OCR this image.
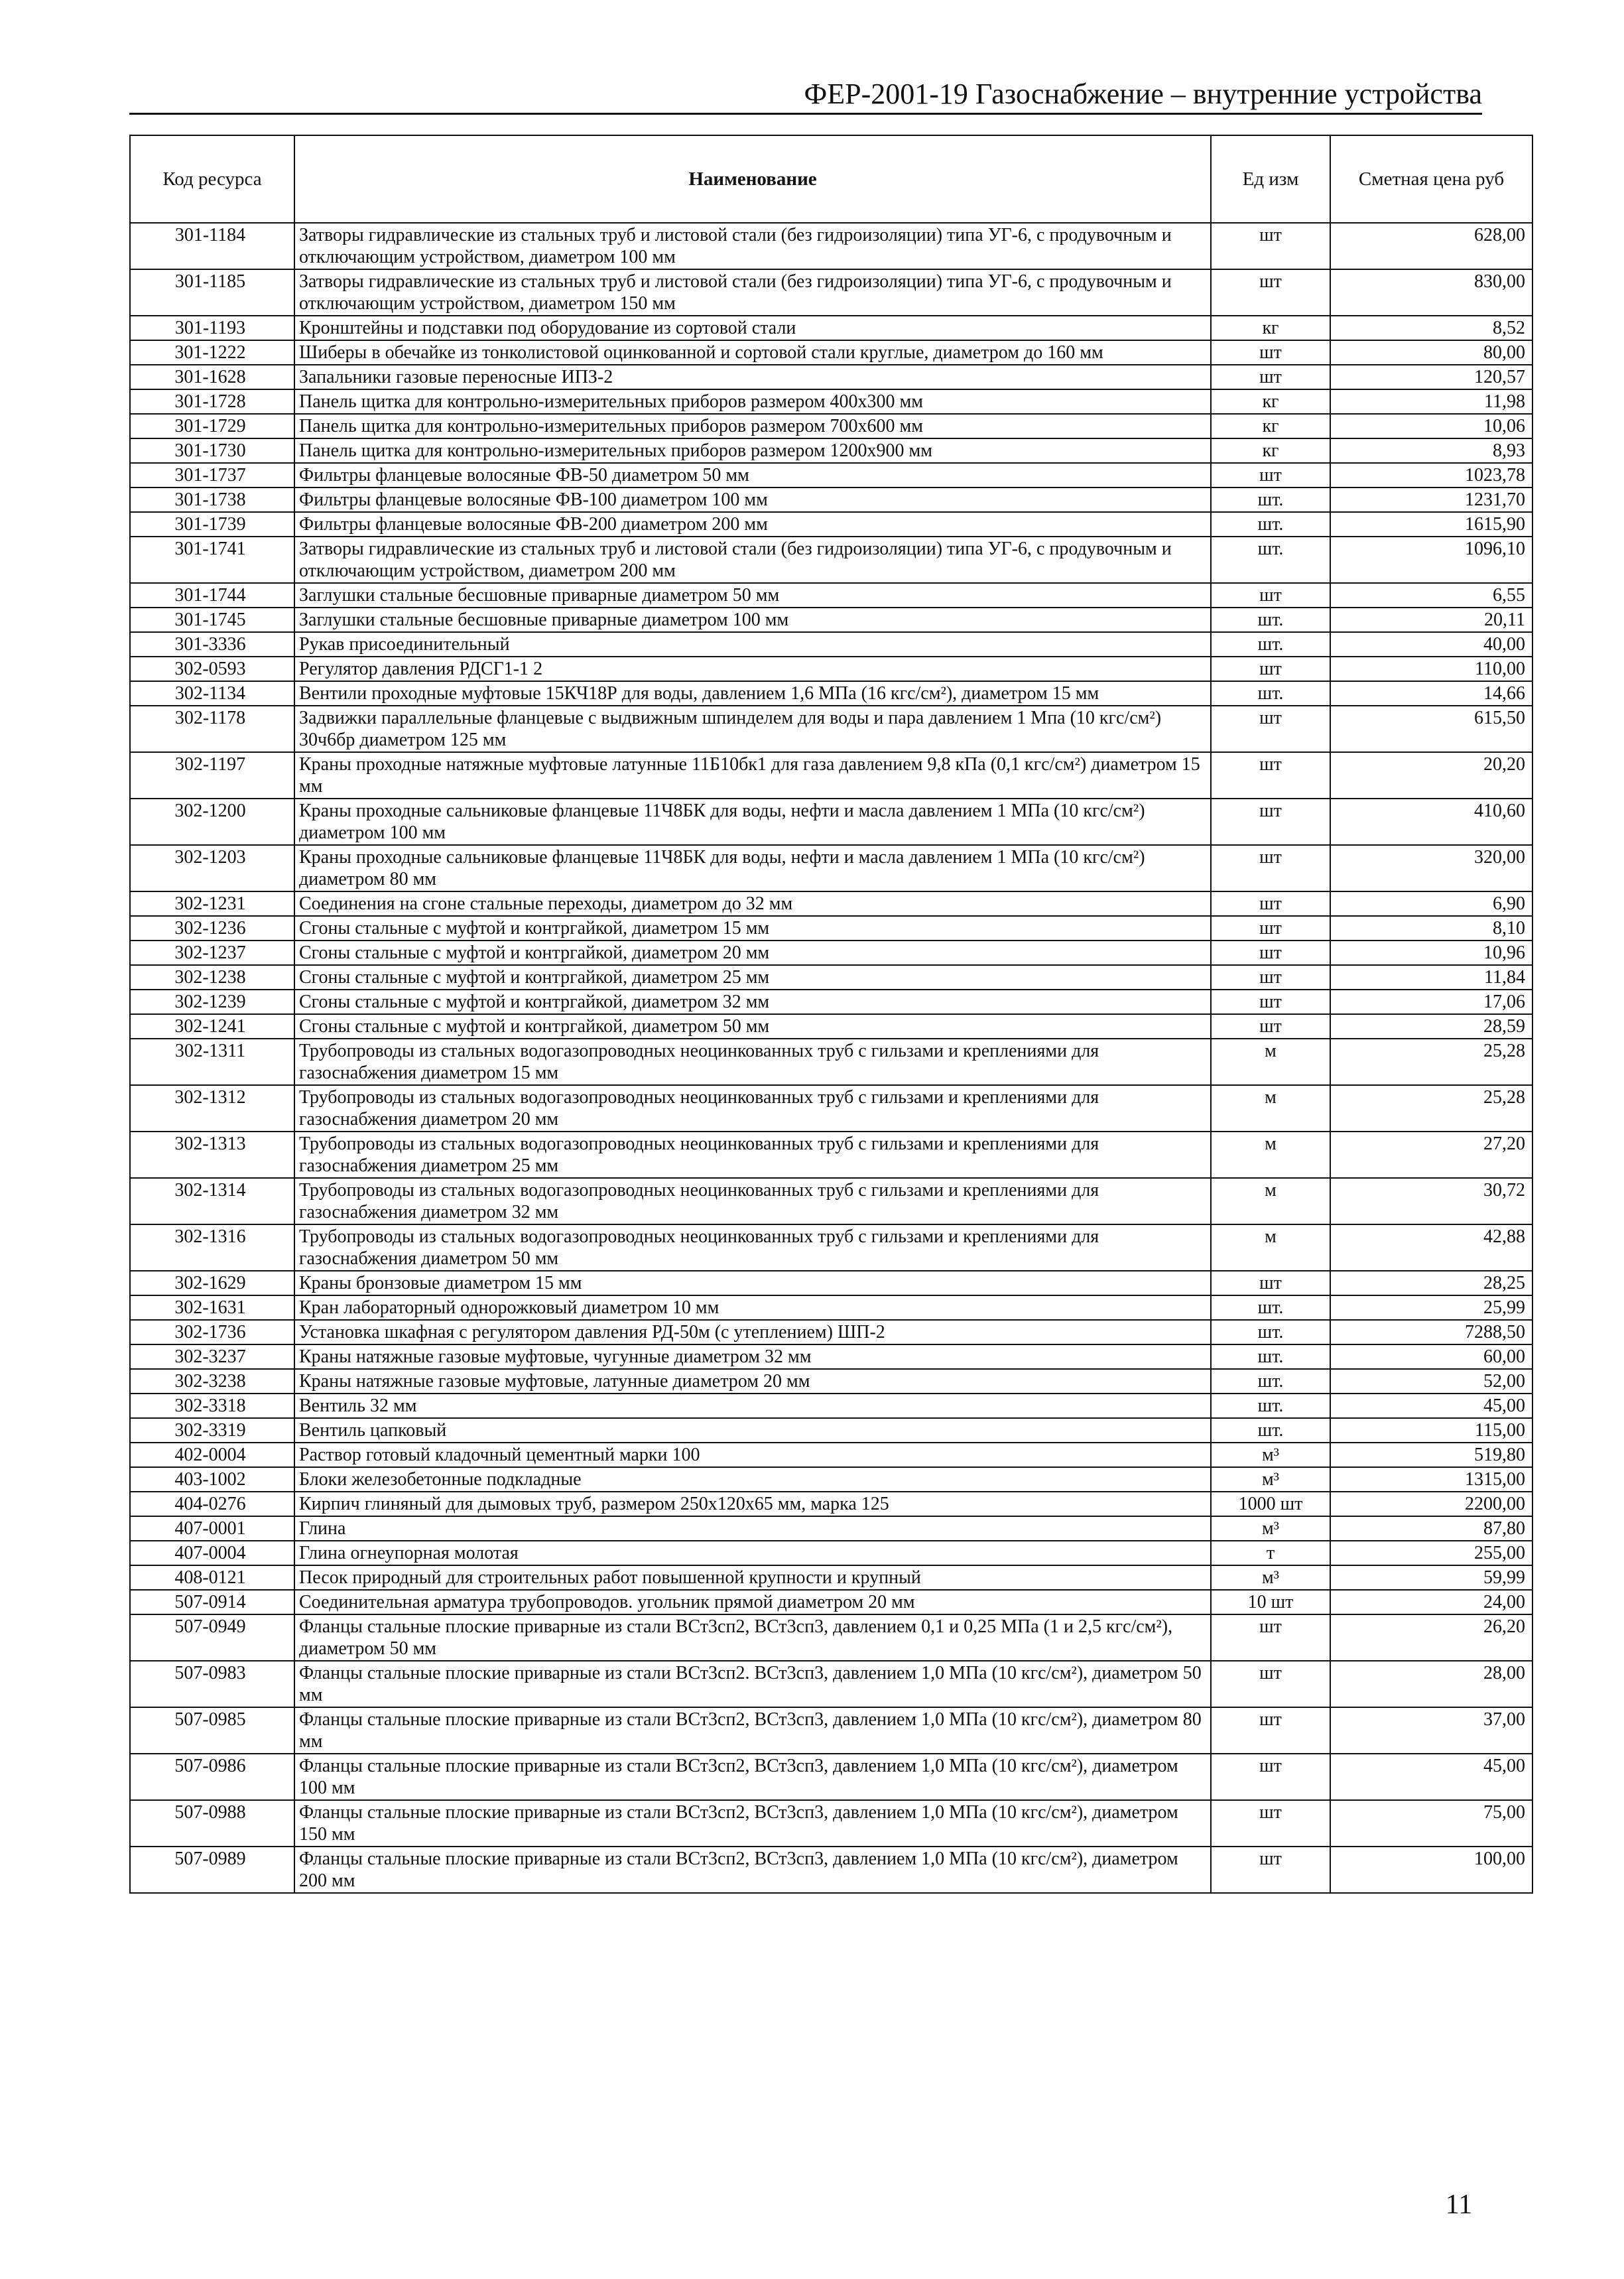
ФЕР-2001-19 Газоснабжение – внутренние устройства
Код ресурса	Наименование	Ед изм	Сметная цена руб
301-1184	Затворы гидравлические из стальных труб и листовой стали (без гидроизоляции) типа УГ-6, с продувочным и отключающим устройством, диаметром 100 мм	шт	628,00
301-1185	Затворы гидравлические из стальных труб и листовой стали (без гидроизоляции) типа УГ-6, с продувочным и отключающим устройством, диаметром 150 мм	шт	830,00
301-1193	Кронштейны и подставки под оборудование из сортовой стали	кг	8,52
301-1222	Шиберы в обечайке из тонколистовой оцинкованной и сортовой стали круглые, диаметром до 160 мм	шт	80,00
301-1628	Запальники газовые переносные ИПЗ-2	шт	120,57
301-1728	Панель щитка для контрольно-измерительных приборов размером 400x300 мм	кг	11,98
301-1729	Панель щитка для контрольно-измерительных приборов размером 700x600 мм	кг	10,06
301-1730	Панель щитка для контрольно-измерительных приборов размером 1200x900 мм	кг	8,93
301-1737	Фильтры фланцевые волосяные ФВ-50 диаметром 50 мм	шт	1023,78
301-1738	Фильтры фланцевые волосяные ФВ-100 диаметром 100 мм	шт.	1231,70
301-1739	Фильтры фланцевые волосяные ФВ-200 диаметром 200 мм	шт.	1615,90
301-1741	Затворы гидравлические из стальных труб и листовой стали (без гидроизоляции) типа УГ-6, с продувочным и отключающим устройством, диаметром 200 мм	шт.	1096,10
301-1744	Заглушки стальные бесшовные приварные диаметром 50 мм	шт	6,55
301-1745	Заглушки стальные бесшовные приварные диаметром 100 мм	шт.	20,11
301-3336	Рукав присоединительный	шт.	40,00
302-0593	Регулятор давления РДСГ1-1 2	шт	110,00
302-1134	Вентили проходные муфтовые 15КЧ18Р для воды, давлением 1,6 МПа (16 кгс/см²), диаметром 15 мм	шт.	14,66
302-1178	Задвижки параллельные фланцевые с выдвижным шпинделем для воды и пара давлением 1 Мпа (10 кгс/см²) 30ч6бр диаметром 125 мм	шт	615,50
302-1197	Краны проходные натяжные муфтовые латунные 11Б10бк1 для газа давлением 9,8 кПа (0,1 кгс/см²) диаметром 15 мм	шт	20,20
302-1200	Краны проходные сальниковые фланцевые 11Ч8БК для воды, нефти и масла давлением 1 МПа (10 кгс/см²) диаметром 100 мм	шт	410,60
302-1203	Краны проходные сальниковые фланцевые 11Ч8БК для воды, нефти и масла давлением 1 МПа (10 кгс/см²) диаметром 80 мм	шт	320,00
302-1231	Соединения на сгоне стальные переходы, диаметром до 32 мм	шт	6,90
302-1236	Сгоны стальные с муфтой и контргайкой, диаметром 15 мм	шт	8,10
302-1237	Сгоны стальные с муфтой и контргайкой, диаметром 20 мм	шт	10,96
302-1238	Сгоны стальные с муфтой и контргайкой, диаметром 25 мм	шт	11,84
302-1239	Сгоны стальные с муфтой и контргайкой, диаметром 32 мм	шт	17,06
302-1241	Сгоны стальные с муфтой и контргайкой, диаметром 50 мм	шт	28,59
302-1311	Трубопроводы из стальных водогазопроводных неоцинкованных труб с гильзами и креплениями для газоснабжения диаметром 15 мм	м	25,28
302-1312	Трубопроводы из стальных водогазопроводных неоцинкованных труб с гильзами и креплениями для газоснабжения диаметром 20 мм	м	25,28
302-1313	Трубопроводы из стальных водогазопроводных неоцинкованных труб с гильзами и креплениями для газоснабжения диаметром 25 мм	м	27,20
302-1314	Трубопроводы из стальных водогазопроводных неоцинкованных труб с гильзами и креплениями для газоснабжения диаметром 32 мм	м	30,72
302-1316	Трубопроводы из стальных водогазопроводных неоцинкованных труб с гильзами и креплениями для газоснабжения диаметром 50 мм	м	42,88
302-1629	Краны бронзовые диаметром 15 мм	шт	28,25
302-1631	Кран лабораторный одноpожковый диаметром 10 мм	шт.	25,99
302-1736	Установка шкафная с регулятором давления РД-50м (с утеплением) ШП-2	шт.	7288,50
302-3237	Краны натяжные газовые муфтовые, чугунные диаметром 32 мм	шт.	60,00
302-3238	Краны натяжные газовые муфтовые, латунные диаметром 20 мм	шт.	52,00
302-3318	Вентиль 32 мм	шт.	45,00
302-3319	Вентиль цапковый	шт.	115,00
402-0004	Раствор готовый кладочный цементный марки 100	м³	519,80
403-1002	Блоки железобетонные подкладные	м³	1315,00
404-0276	Кирпич глиняный для дымовых труб, размером 250x120x65 мм, марка 125	1000 шт	2200,00
407-0001	Глина	м³	87,80
407-0004	Глина огнеупорная молотая	т	255,00
408-0121	Песок природный для строительных работ повышенной крупности и крупный	м³	59,99
507-0914	Соединительная арматура трубопроводов. угольник прямой диаметром 20 мм	10 шт	24,00
507-0949	Фланцы стальные плоские приварные из стали ВСт3сп2, ВСт3сп3, давлением 0,1 и 0,25 МПа (1 и 2,5 кгс/см²), диаметром 50 мм	шт	26,20
507-0983	Фланцы стальные плоские приварные из стали ВСт3сп2. ВСт3сп3, давлением 1,0 МПа (10 кгс/см²), диаметром 50 мм	шт	28,00
507-0985	Фланцы стальные плоские приварные из стали ВСт3сп2, ВСт3сп3, давлением 1,0 МПа (10 кгс/см²), диаметром 80 мм	шт	37,00
507-0986	Фланцы стальные плоские приварные из стали ВСт3сп2, ВСт3сп3, давлением 1,0 МПа (10 кгс/см²), диаметром 100 мм	шт	45,00
507-0988	Фланцы стальные плоские приварные из стали ВСт3сп2, ВСт3сп3, давлением 1,0 МПа (10 кгс/см²), диаметром 150 мм	шт	75,00
507-0989	Фланцы стальные плоские приварные из стали ВСт3сп2, ВСт3сп3, давлением 1,0 МПа (10 кгс/см²), диаметром 200 мм	шт	100,00
11
